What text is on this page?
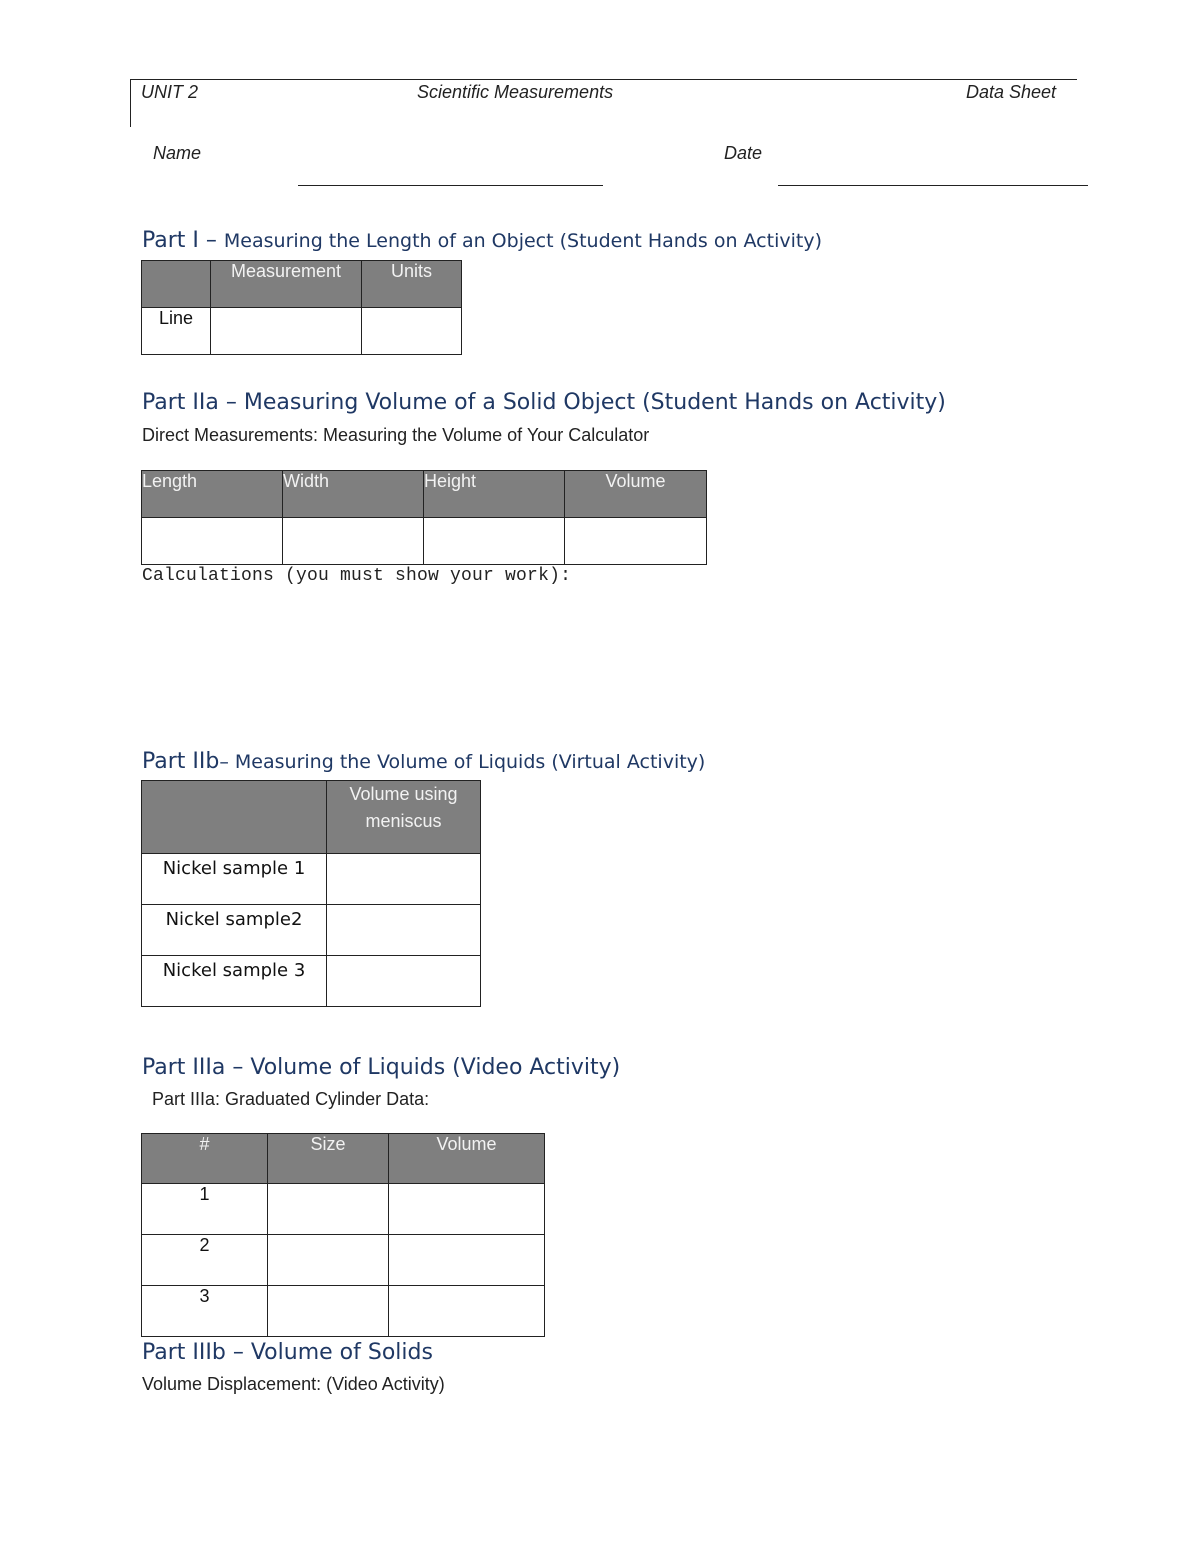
UNIT 2	Scientific Measurements	Data Sheet
Name	Date
Part I – Measuring the Length of an Object (Student Hands on Activity)
	Measurement	Units
Line		
Part IIa – Measuring Volume of a Solid Object (Student Hands on Activity)
Direct Measurements: Measuring the Volume of Your Calculator
Length	Width	Height	Volume

Calculations (you must show your work):
Part IIb– Measuring the Volume of Liquids (Virtual Activity)
	Volume using meniscus
Nickel sample 1	
Nickel sample2	
Nickel sample 3	
Part IIIa – Volume of Liquids (Video Activity)
Part IIIa: Graduated Cylinder Data:
#	Size	Volume
1		
2		
3		
Part IIIb – Volume of Solids
Volume Displacement: (Video Activity)
